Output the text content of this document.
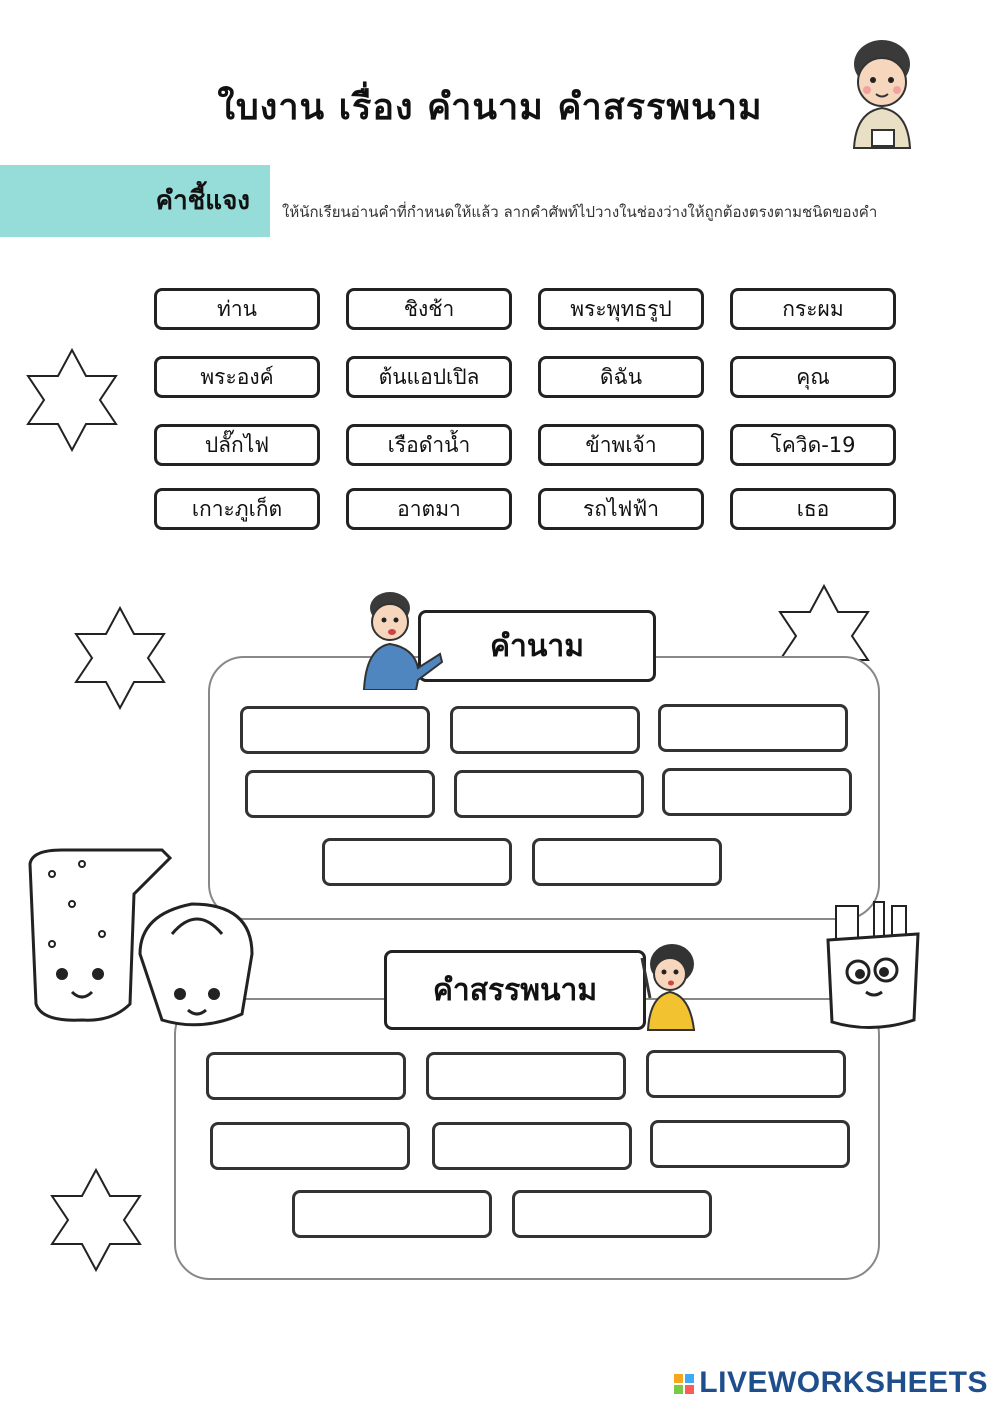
ใบงาน เรื่อง คำนาม คำสรรพนาม
คำชี้แจง ให้นักเรียนอ่านคำที่กำหนดให้แล้ว ลากคำศัพท์ไปวางในช่องว่างให้ถูกต้องตรงตามชนิดของคำ
ท่าน	ชิงช้า	พระพุทธรูป	กระผม
พระองค์	ต้นแอปเปิล	ดิฉัน	คุณ
ปลั๊กไฟ	เรือดำน้ำ	ข้าพเจ้า	โควิด-19
เกาะภูเก็ต	อาตมา	รถไฟฟ้า	เธอ
คำนาม
คำสรรพนาม
LIVEWORKSHEETS
